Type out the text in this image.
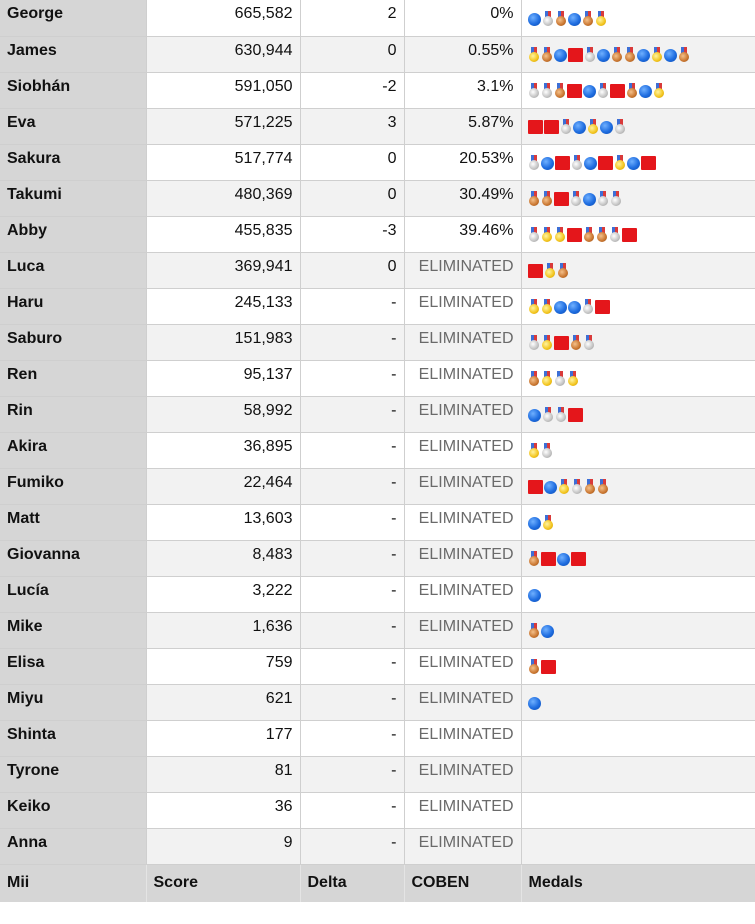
George	665,582	2	0%	
James	630,944	0	0.55%	
Siobhán	591,050	-2	3.1%	
Eva	571,225	3	5.87%	
Sakura	517,774	0	20.53%	
Takumi	480,369	0	30.49%	
Abby	455,835	-3	39.46%	
Luca	369,941	0	ELIMINATED	
Haru	245,133	-	ELIMINATED	
Saburo	151,983	-	ELIMINATED	
Ren	95,137	-	ELIMINATED	
Rin	58,992	-	ELIMINATED	
Akira	36,895	-	ELIMINATED	
Fumiko	22,464	-	ELIMINATED	
Matt	13,603	-	ELIMINATED	
Giovanna	8,483	-	ELIMINATED	
Lucía	3,222	-	ELIMINATED	
Mike	1,636	-	ELIMINATED	
Elisa	759	-	ELIMINATED	
Miyu	621	-	ELIMINATED	
Shinta	177	-	ELIMINATED	
Tyrone	81	-	ELIMINATED	
Keiko	36	-	ELIMINATED	
Anna	9	-	ELIMINATED	
Mii	Score	Delta	COBEN	Medals
